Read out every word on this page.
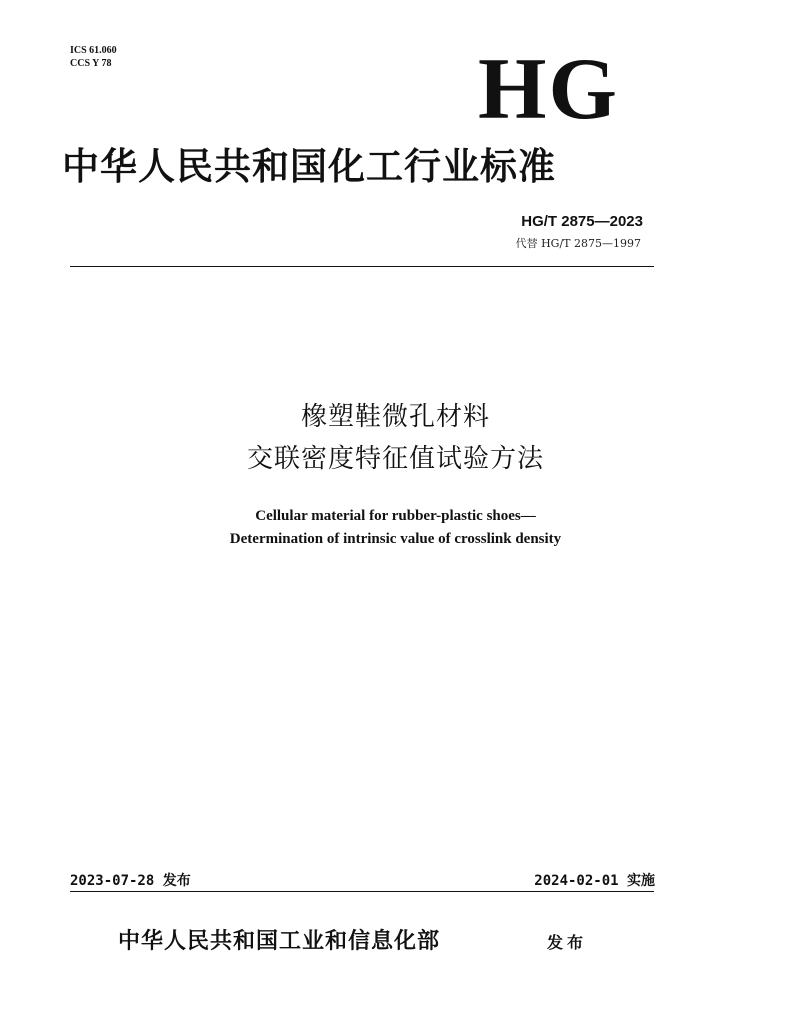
ICS 61.060
CCS Y 78	HG
中华人民共和国化工行业标准
HG/T 2875—2023
代替 HG/T 2875—1997
橡塑鞋微孔材料
交联密度特征值试验方法
Cellular material for rubber-plastic shoes—
Determination of intrinsic value of crosslink density
2023-07-28 发布	2024-02-01 实施
中华人民共和国工业和信息化部	发布
